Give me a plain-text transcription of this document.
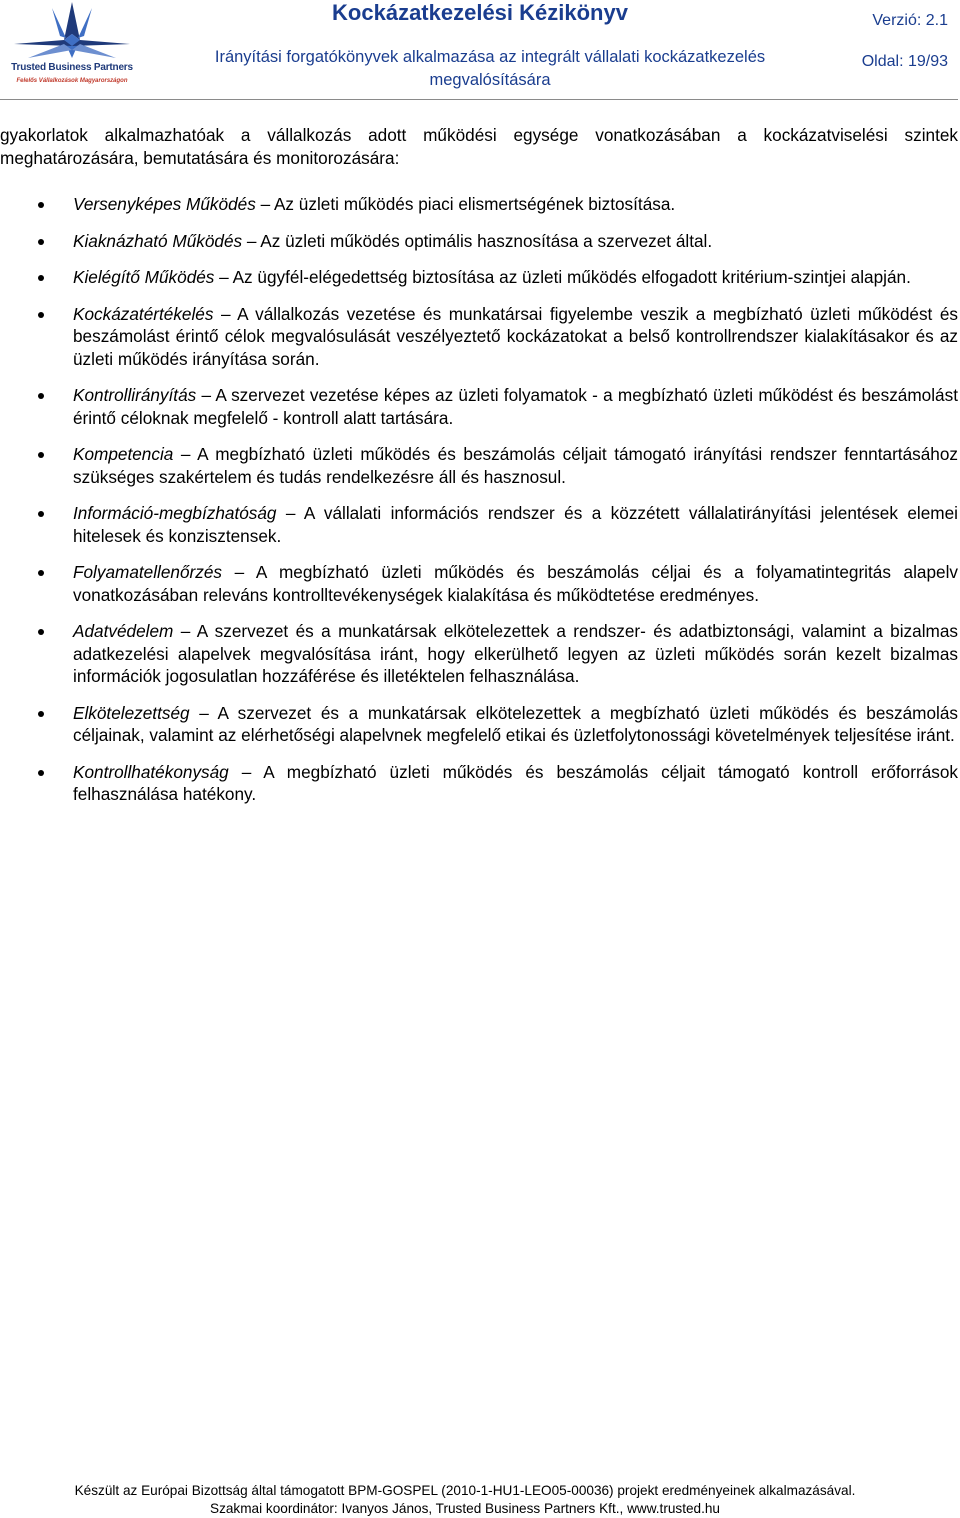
Trusted Business Partners
Felelős Vállalkozások Magyarországon
Kockázatkezelési Kézikönyv
Irányítási forgatókönyvek alkalmazása az integrált vállalati kockázatkezelés
megvalósítására
Verzió: 2.1
Oldal: 19/93

gyakorlatok alkalmazhatóak a vállalkozás adott működési egysége vonatkozásában a kockázatviselési szintek meghatározására, bemutatására és monitorozására:

Versenyképes Működés – Az üzleti működés piaci elismertségének biztosítása.
Kiaknázható Működés – Az üzleti működés optimális hasznosítása a szervezet által.
Kielégítő Működés – Az ügyfél-elégedettség biztosítása az üzleti működés elfogadott kritérium-szintjei alapján.
Kockázatértékelés – A vállalkozás vezetése és munkatársai figyelembe veszik a megbízható üzleti működést és beszámolást érintő célok megvalósulását veszélyeztető kockázatokat a belső kontrollrendszer kialakításakor és az üzleti működés irányítása során.
Kontrollirányítás – A szervezet vezetése képes az üzleti folyamatok - a megbízható üzleti működést és beszámolást érintő céloknak megfelelő - kontroll alatt tartására.
Kompetencia – A megbízható üzleti működés és beszámolás céljait támogató irányítási rendszer fenntartásához szükséges szakértelem és tudás rendelkezésre áll és hasznosul.
Információ-megbízhatóság – A vállalati információs rendszer és a közzétett vállalatirányítási jelentések elemei hitelesek és konzisztensek.
Folyamatellenőrzés – A megbízható üzleti működés és beszámolás céljai és a folyamatintegritás alapelv vonatkozásában releváns kontrolltevékenységek kialakítása és működtetése eredményes.
Adatvédelem – A szervezet és a munkatársak elkötelezettek a rendszer- és adatbiztonsági, valamint a bizalmas adatkezelési alapelvek megvalósítása iránt, hogy elkerülhető legyen az üzleti működés során kezelt bizalmas információk jogosulatlan hozzáférése és illetéktelen felhasználása.
Elkötelezettség – A szervezet és a munkatársak elkötelezettek a megbízható üzleti működés és beszámolás céljainak, valamint az elérhetőségi alapelvnek megfelelő etikai és üzletfolytonossági követelmények teljesítése iránt.
Kontrollhatékonyság – A megbízható üzleti működés és beszámolás céljait támogató kontroll erőforrások felhasználása hatékony.
Készült az Európai Bizottság által támogatott BPM-GOSPEL (2010-1-HU1-LEO05-00036) projekt eredményeinek alkalmazásával.
Szakmai koordinátor: Ivanyos János, Trusted Business Partners Kft., www.trusted.hu
